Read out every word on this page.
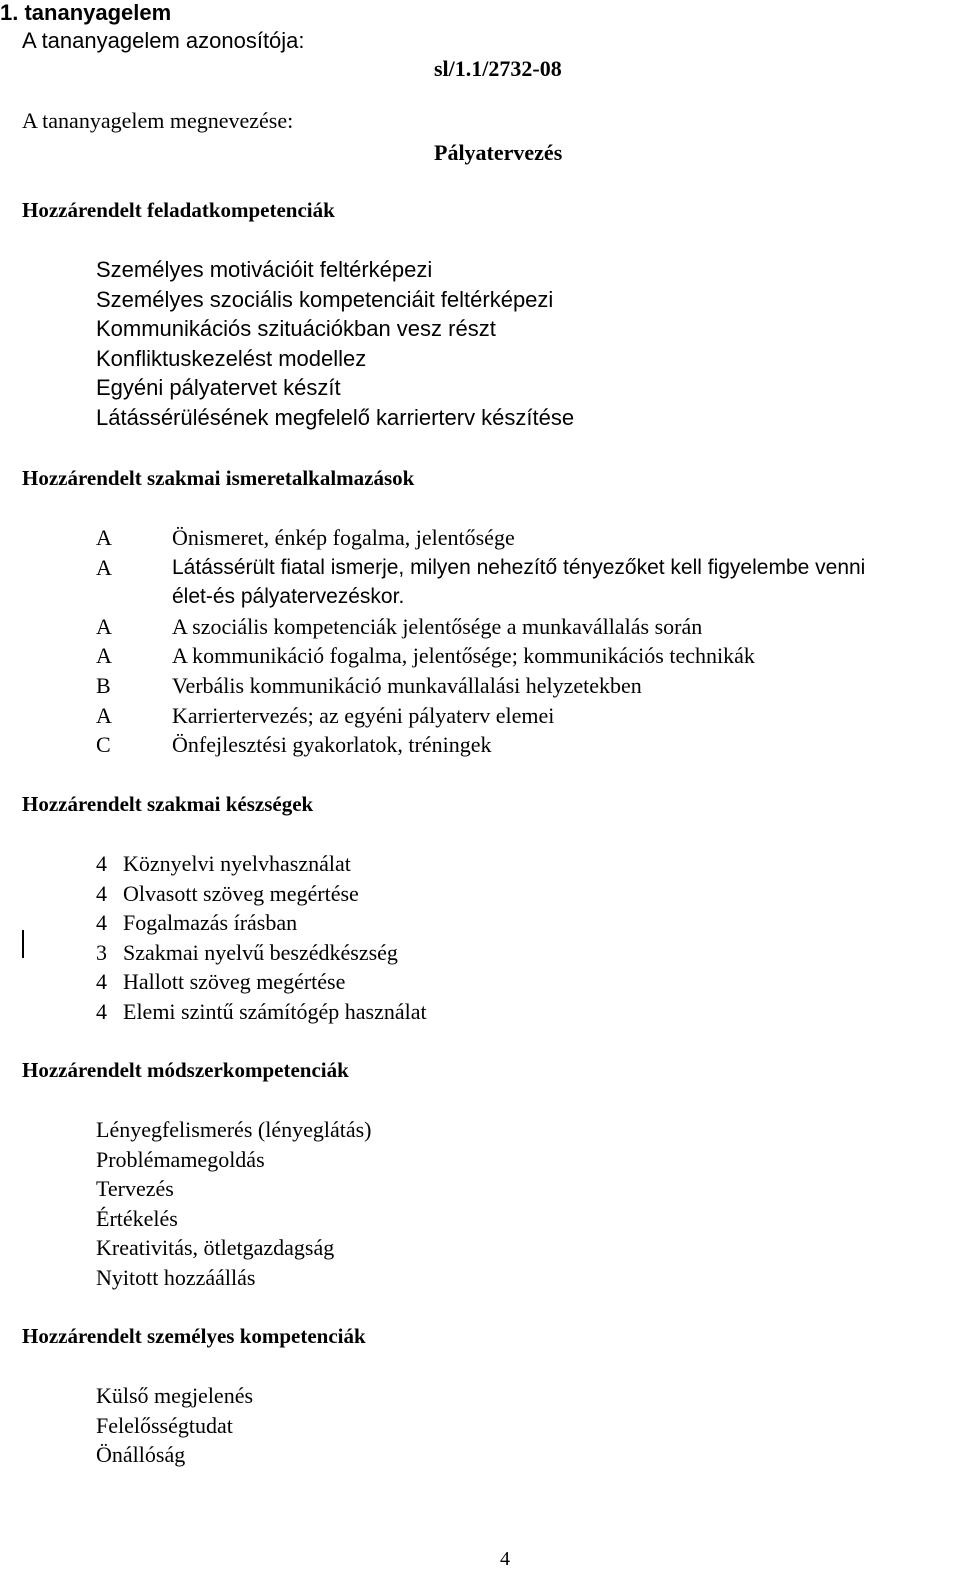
1. tananyagelem
A tananyagelem azonosítója:
sl/1.1/2732-08
A tananyagelem megnevezése:
Pályatervezés
Hozzárendelt feladatkompetenciák
Személyes motivációit feltérképezi
Személyes szociális kompetenciáit feltérképezi
Kommunikációs szituációkban vesz részt
Konfliktuskezelést modellez
Egyéni pályatervet készít
Látássérülésének megfelelő karrierterv készítése
Hozzárendelt szakmai ismeretalkalmazások
A	Önismeret, énkép fogalma, jelentősége
A	Látássérült fiatal ismerje, milyen nehezítő tényezőket kell figyelembe venni
élet-és pályatervezéskor.
A	A szociális kompetenciák jelentősége a munkavállalás során
A	A kommunikáció fogalma, jelentősége; kommunikációs technikák
B	Verbális kommunikáció munkavállalási helyzetekben
A	Karriertervezés; az egyéni pályaterv elemei
C	Önfejlesztési gyakorlatok, tréningek
Hozzárendelt szakmai készségek
4 Köznyelvi nyelvhasználat
4 Olvasott szöveg megértése
4 Fogalmazás írásban
3 Szakmai nyelvű beszédkészség
4 Hallott szöveg megértése
4 Elemi szintű számítógép használat
Hozzárendelt módszerkompetenciák
Lényegfelismerés (lényeglátás)
Problémamegoldás
Tervezés
Értékelés
Kreativitás, ötletgazdagság
Nyitott hozzáállás
Hozzárendelt személyes kompetenciák
Külső megjelenés
Felelősségtudat
Önállóság
4
